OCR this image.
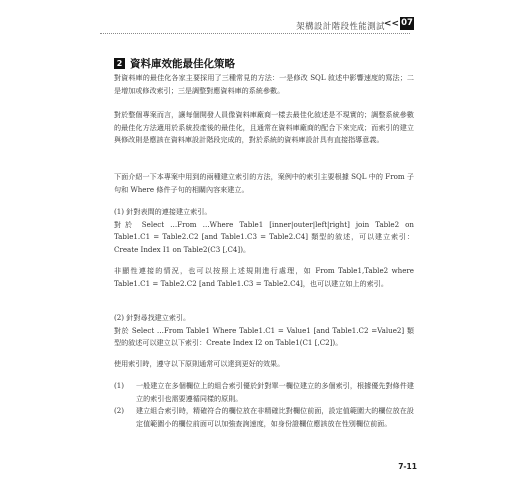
架構設計階段性能測試
<< 07
2 資料庫效能最佳化策略

對資料庫的最佳化各家主要採用了三種常見的方法：一是修改 SQL 敘述中影響速度的寫法；二是增加或修改索引；三是調整對應資料庫的系統參數。

對於整個專案而言，讓每個開發人員像資料庫廠商一樣去最佳化敘述是不現實的；調整系統參數的最佳化方法適用於系統投產後的最佳化，且通常在資料庫廠商的配合下來完成；而索引的建立與修改則是應該在資料庫設計階段完成的，對於系統的資料庫設計具有直接指導意義。

下面介紹一下本專案中用到的兩種建立索引的方法，案例中的索引主要根據 SQL 中的 From 子句和 Where 條件子句的相關內容來建立。

(1) 針對表間的連接建立索引。

對於 Select …From …Where Table1 [inner|outer|left|right] join Table2 on Table1.C1 = Table2.C2 [and Table1.C3 = Table2.C4] 類型的敘述，可以建立索引：Create Index I1 on Table2(C3 [,C4])。

非顯性連接的情況，也可以按照上述規則進行處理，如 From Table1,Table2 where Table1.C1 = Table2.C2 [and Table1.C3 = Table2.C4]，也可以建立如上的索引。

(2) 針對尋找建立索引。

對於 Select …From Table1 Where Table1.C1 = Value1 [and Table1.C2 =Value2] 類型的敘述可以建立以下索引：Create Index I2 on Table1(C1 [,C2])。

使用索引時，遵守以下原則通常可以達到更好的效果。

(1)	一般建立在多個欄位上的組合索引優於針對單一欄位建立的多個索引，根據優先對條件建立的索引也需要遵循同樣的原則。
(2)	建立組合索引時，精確符合的欄位放在非精確比對欄位前面，設定值範圍大的欄位放在設定值範圍小的欄位前面可以加強查詢速度，如身份證欄位應該放在性別欄位前面。
7-11
